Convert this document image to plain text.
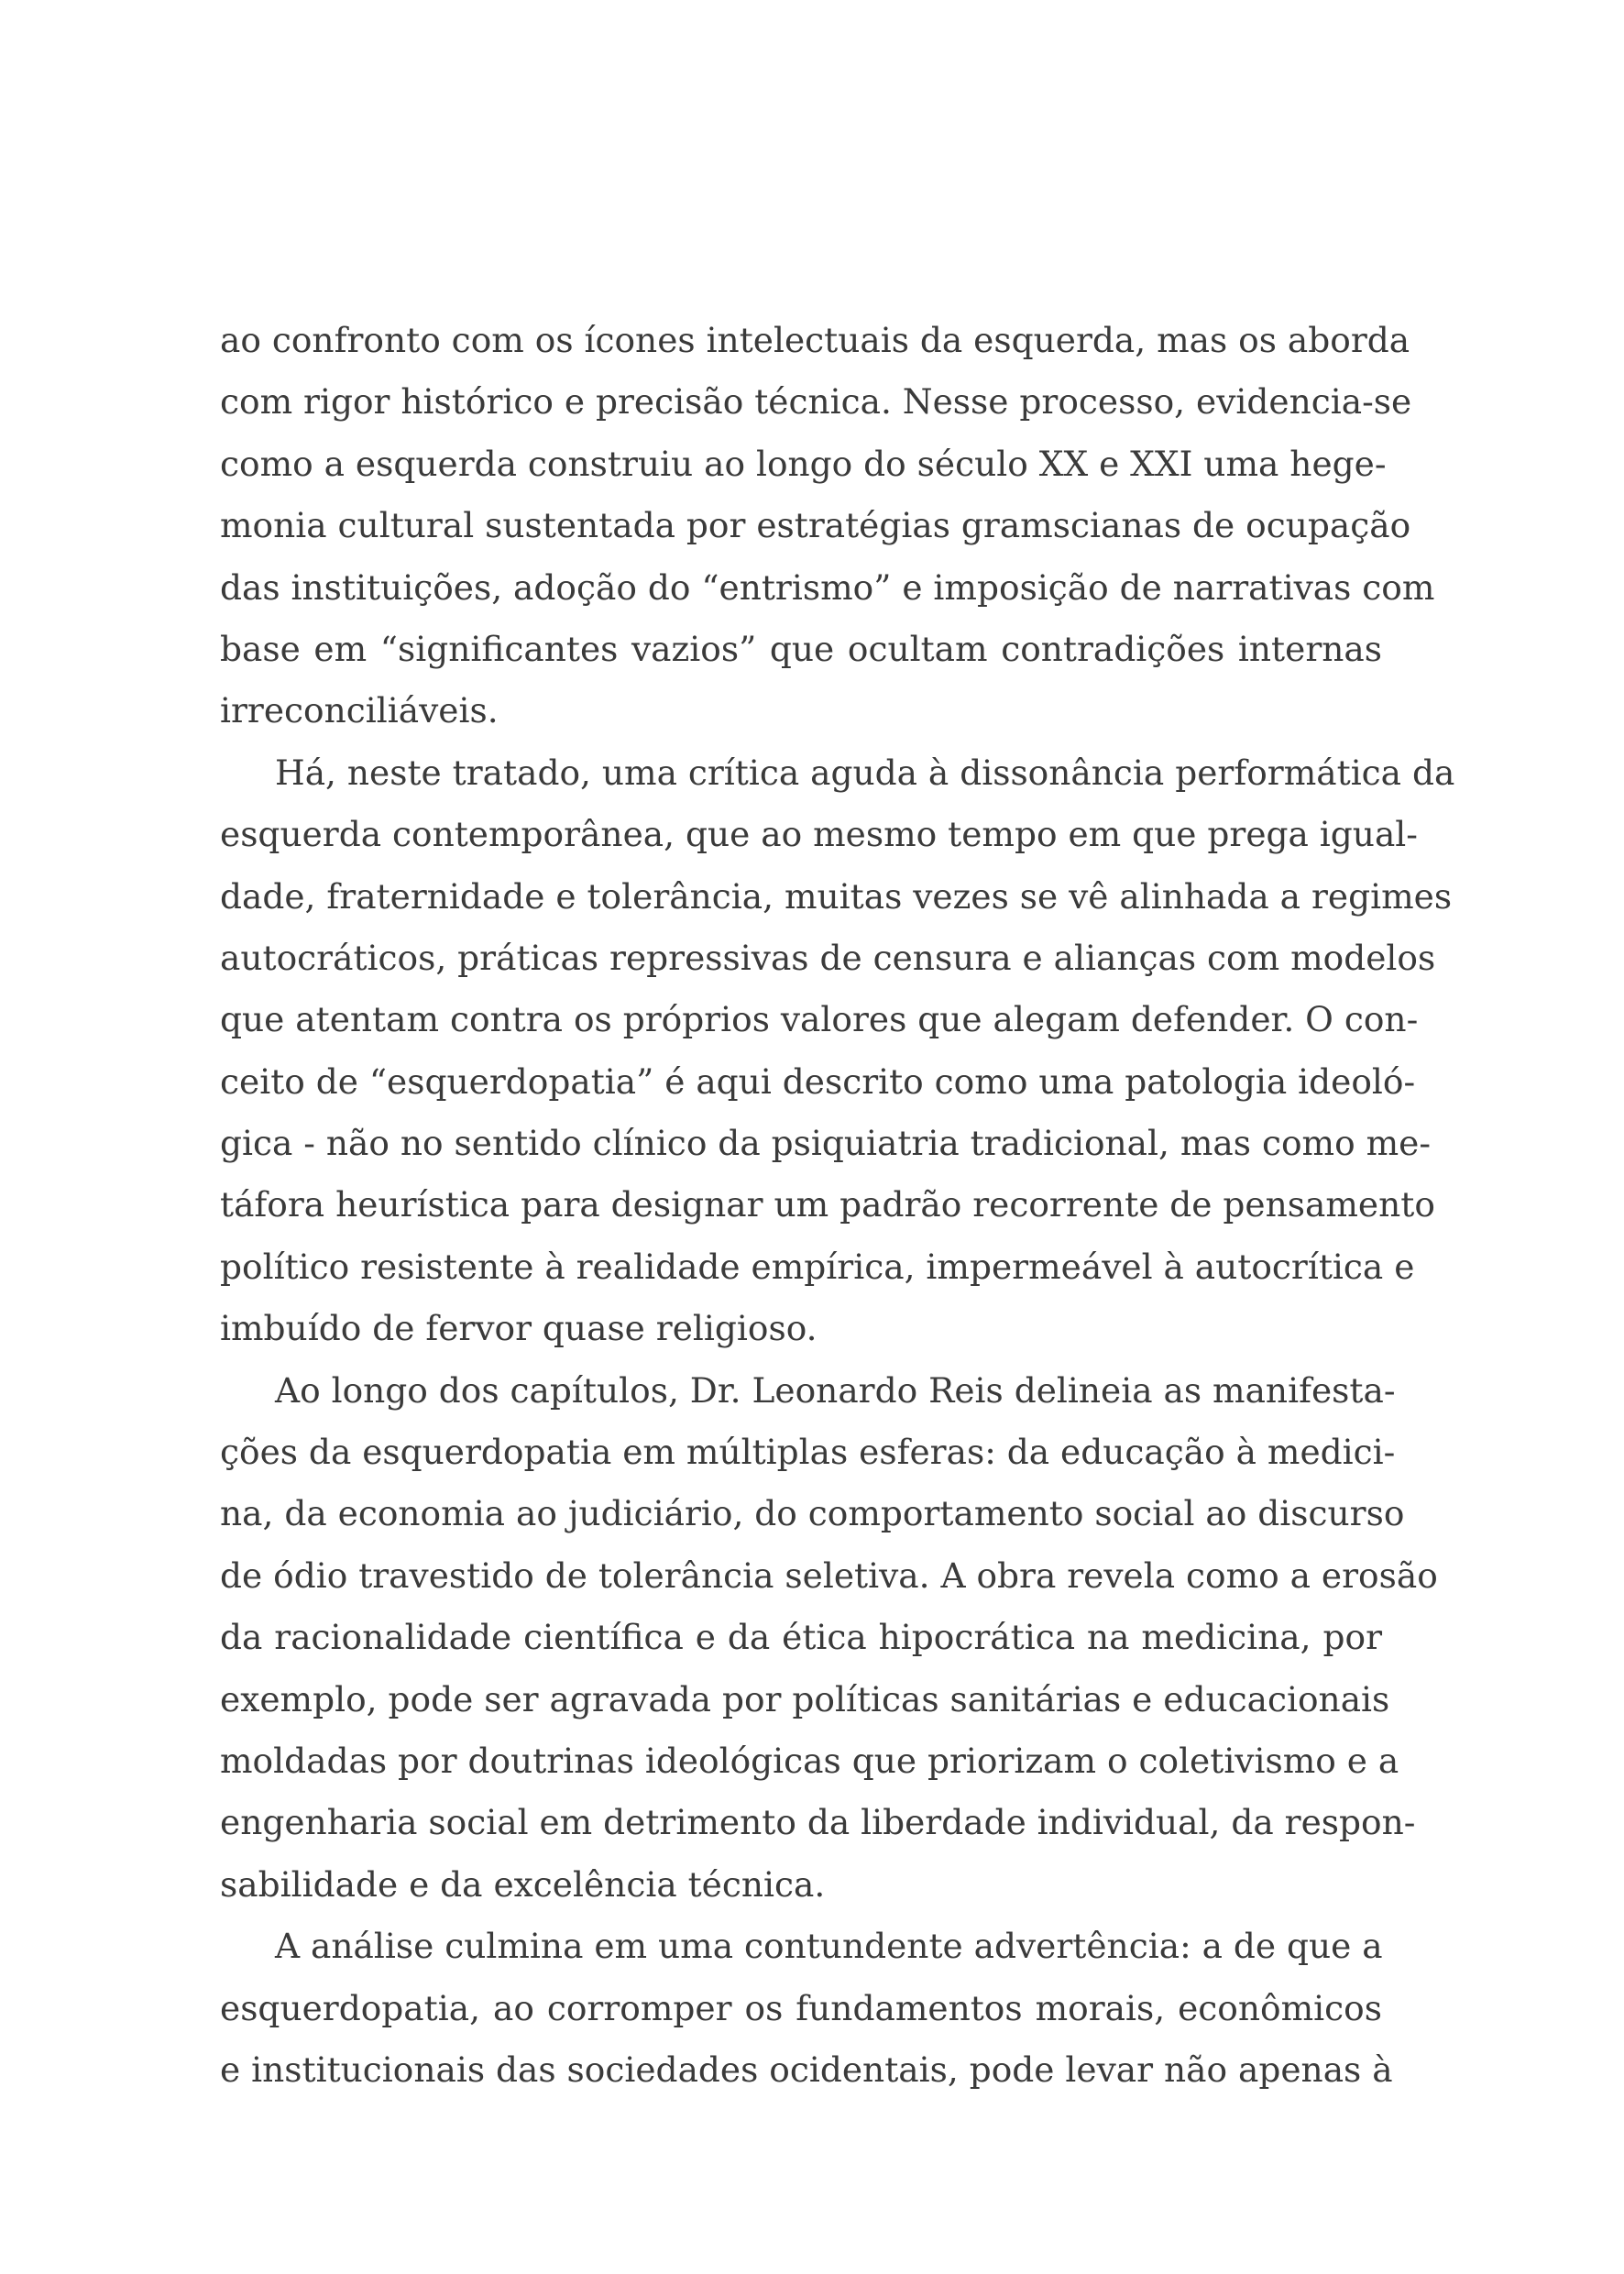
ao confronto com os ícones intelectuais da esquerda, mas os aborda
com rigor histórico e precisão técnica. Nesse processo, evidencia-se
como a esquerda construiu ao longo do século XX e XXI uma hege-
monia cultural sustentada por estratégias gramscianas de ocupação
das instituições, adoção do “entrismo” e imposição de narrativas com
base em “significantes vazios” que ocultam contradições internas
irreconciliáveis.
Há, neste tratado, uma crítica aguda à dissonância performática da
esquerda contemporânea, que ao mesmo tempo em que prega igual-
dade, fraternidade e tolerância, muitas vezes se vê alinhada a regimes
autocráticos, práticas repressivas de censura e alianças com modelos
que atentam contra os próprios valores que alegam defender. O con-
ceito de “esquerdopatia” é aqui descrito como uma patologia ideoló-
gica - não no sentido clínico da psiquiatria tradicional, mas como me-
táfora heurística para designar um padrão recorrente de pensamento
político resistente à realidade empírica, impermeável à autocrítica e
imbuído de fervor quase religioso.
Ao longo dos capítulos, Dr. Leonardo Reis delineia as manifesta-
ções da esquerdopatia em múltiplas esferas: da educação à medici-
na, da economia ao judiciário, do comportamento social ao discurso
de ódio travestido de tolerância seletiva. A obra revela como a erosão
da racionalidade científica e da ética hipocrática na medicina, por
exemplo, pode ser agravada por políticas sanitárias e educacionais
moldadas por doutrinas ideológicas que priorizam o coletivismo e a
engenharia social em detrimento da liberdade individual, da respon-
sabilidade e da excelência técnica.
A análise culmina em uma contundente advertência: a de que a
esquerdopatia, ao corromper os fundamentos morais, econômicos
e institucionais das sociedades ocidentais, pode levar não apenas à
